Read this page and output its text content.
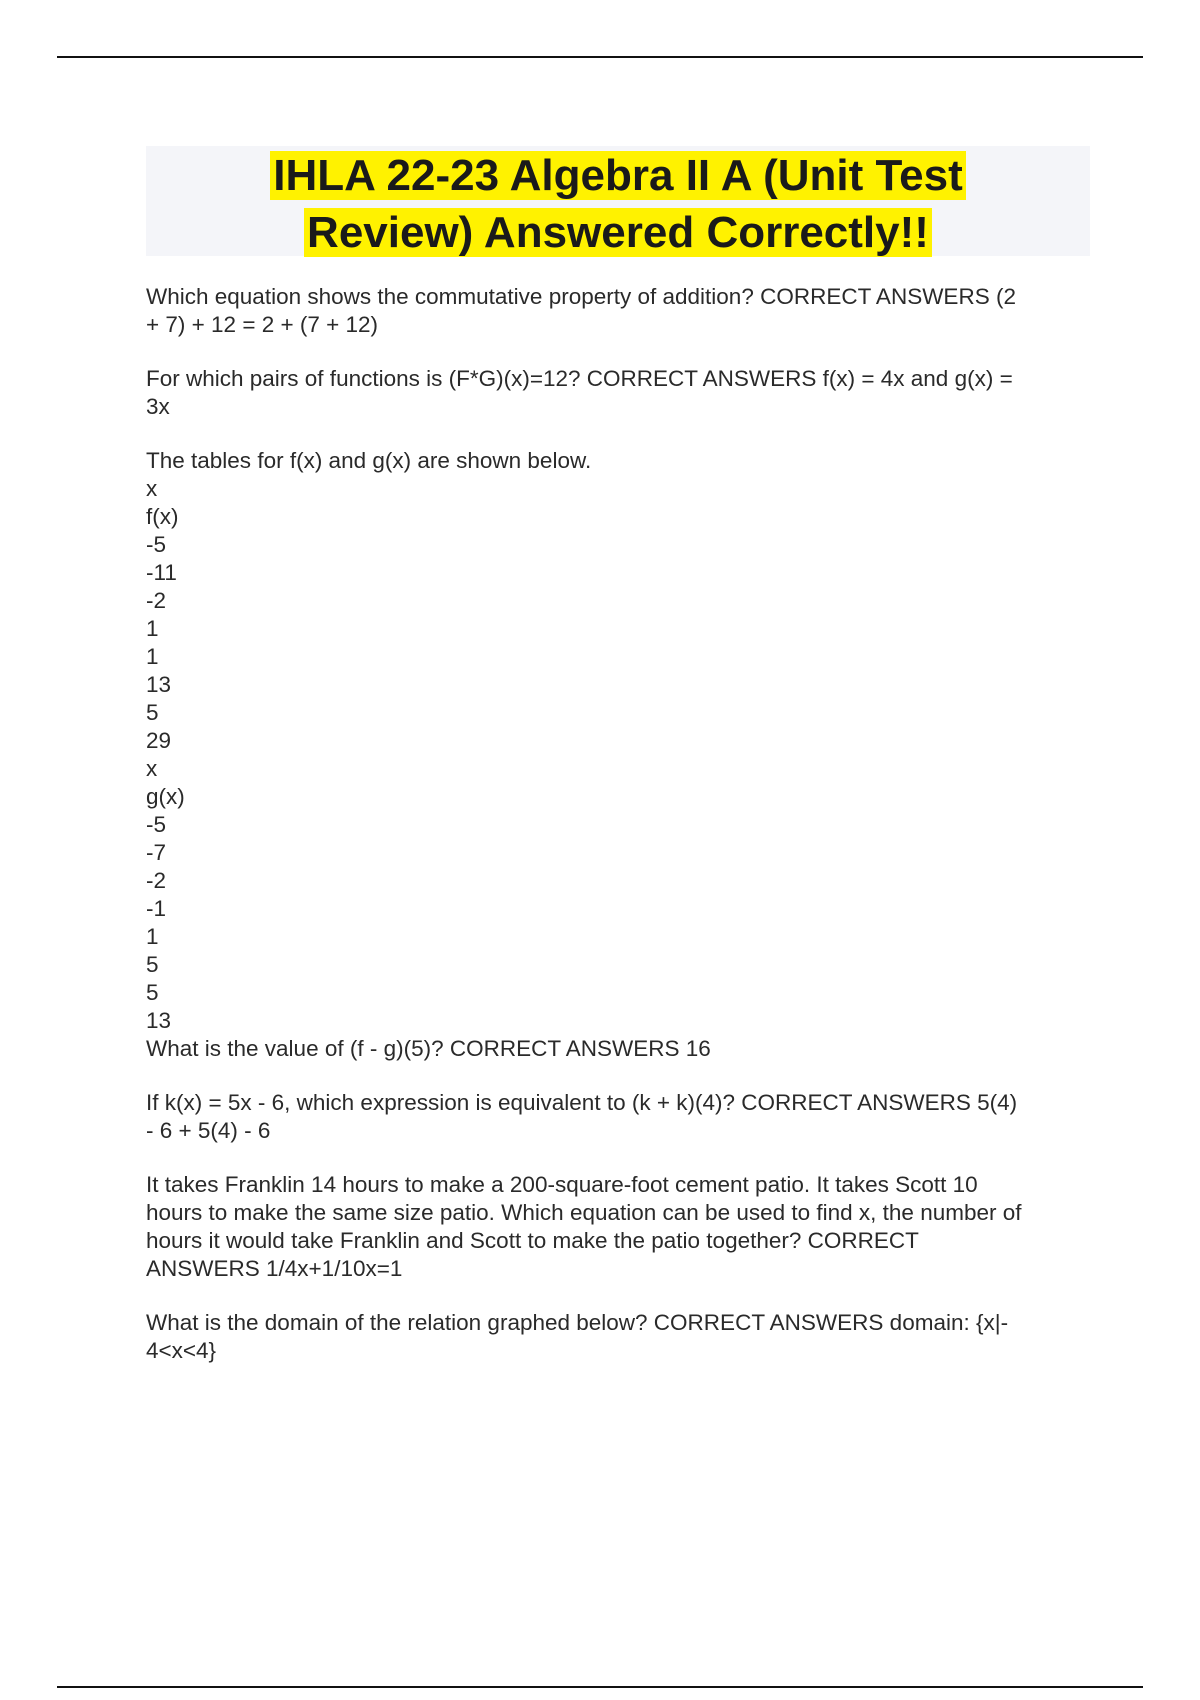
IHLA 22-23 Algebra II A (Unit Test
Review) Answered Correctly!!
Which equation shows the commutative property of addition? CORRECT ANSWERS (2
+ 7) + 12 = 2 + (7 + 12)
For which pairs of functions is (F*G)(x)=12? CORRECT ANSWERS f(x) = 4x and g(x) =
3x
The tables for f(x) and g(x) are shown below.
x
f(x)
-5
-11
-2
1
1
13
5
29
x
g(x)
-5
-7
-2
-1
1
5
5
13
What is the value of (f - g)(5)? CORRECT ANSWERS 16
If k(x) = 5x - 6, which expression is equivalent to (k + k)(4)? CORRECT ANSWERS 5(4)
- 6 + 5(4) - 6
It takes Franklin 14 hours to make a 200-square-foot cement patio. It takes Scott 10
hours to make the same size patio. Which equation can be used to find x, the number of
hours it would take Franklin and Scott to make the patio together? CORRECT
ANSWERS 1/4x+1/10x=1
What is the domain of the relation graphed below? CORRECT ANSWERS domain: {x|-
4<x<4}
